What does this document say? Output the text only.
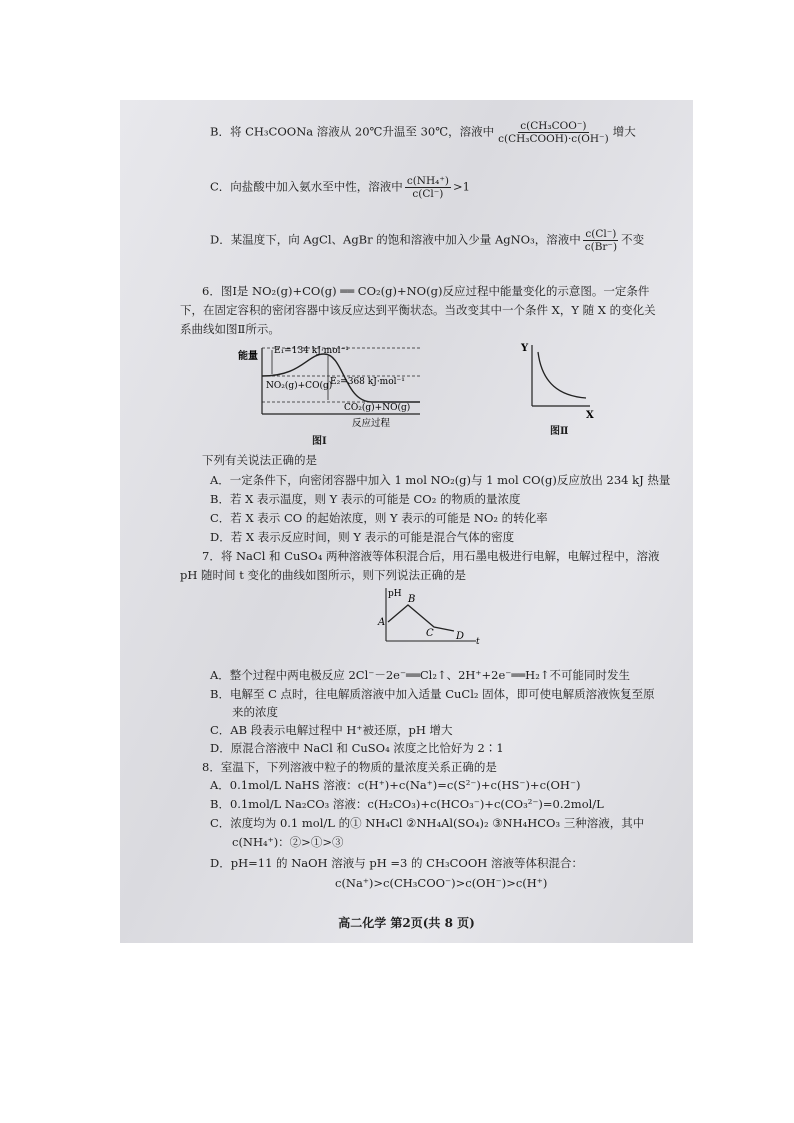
B．将 CH₃COONa 溶液从 20℃升温至 30℃，溶液中 $\frac{\text{c(CH₃COO⁻)}}{\text{c(CH₃COOH)·c(OH⁻)}}$ 增大
C．向盐酸中加入氨水至中性，溶液中 $\frac{\text{c(NH₄⁺)}}{c(Cl^-)} >1$
D．某温度下，向 AgCl、AgBr 的饱和溶液中加入少量 AgNO₃，溶液中 $\frac{c(Cl^-)}{c(Br^-)}$ 不变
6．图Ⅰ是 NO₂(g)+CO(g) ══ CO₂(g)+NO(g)反应过程中能量变化的示意图。一定条件
下，在固定容积的密闭容器中该反应达到平衡状态。当改变其中一个条件 X，Y 随 X 的变化关
系曲线如图Ⅱ所示。
能量 E₁=134 kJ·mol⁻¹
E₂=368 kJ·mol⁻¹
NO₂(g)+CO(g)
CO₂(g)+NO(g)
反应过程
图Ⅰ
Y
X
图Ⅱ
下列有关说法正确的是
A．一定条件下，向密闭容器中加入 1 mol NO₂(g)与 1 mol CO(g)反应放出 234 kJ 热量
B．若 X 表示温度，则 Y 表示的可能是 CO₂ 的物质的量浓度
C．若 X 表示 CO 的起始浓度，则 Y 表示的可能是 NO₂ 的转化率
D．若 X 表示反应时间，则 Y 表示的可能是混合气体的密度
7．将 NaCl 和 CuSO₄ 两种溶液等体积混合后，用石墨电极进行电解，电解过程中，溶液
pH 随时间 t 变化的曲线如图所示，则下列说法正确的是
pH
t
A
B
C D
A．整个过程中两电极反应 2Cl⁻－2e⁻══Cl₂↑、2H⁺+2e⁻══H₂↑不可能同时发生
B．电解至 C 点时，往电解质溶液中加入适量 CuCl₂ 固体，即可使电解质溶液恢复至原
来的浓度
C．AB 段表示电解过程中 H⁺被还原，pH 增大
D．原混合溶液中 NaCl 和 CuSO₄ 浓度之比恰好为 2∶1
8．室温下，下列溶液中粒子的物质的量浓度关系正确的是
A．0.1mol/L NaHS 溶液：c(H⁺)+c(Na⁺)=c(S²⁻)+c(HS⁻)+c(OH⁻)
B．0.1mol/L Na₂CO₃ 溶液：c(H₂CO₃)+c(HCO₃⁻)+c(CO₃²⁻)=0.2mol/L
C．浓度均为 0.1 mol/L 的① NH₄Cl ②NH₄Al(SO₄)₂ ③NH₄HCO₃ 三种溶液，其中
c(NH₄⁺)：②>①>③
D．pH=11 的 NaOH 溶液与 pH =3 的 CH₃COOH 溶液等体积混合：
c(Na⁺)>c(CH₃COO⁻)>c(OH⁻)>c(H⁺)
高二化学 第2页(共 8 页)
